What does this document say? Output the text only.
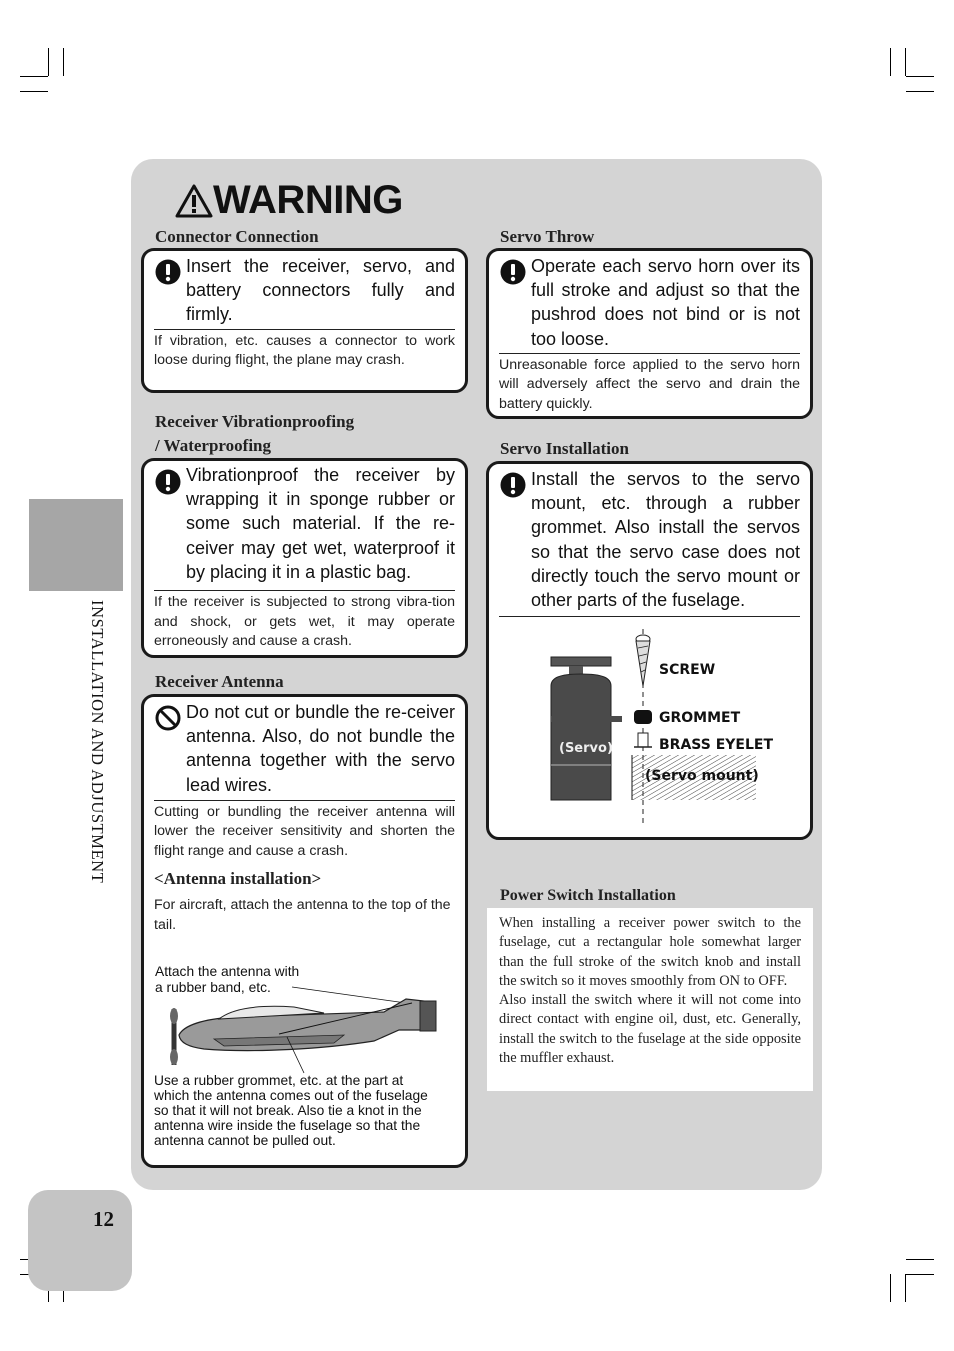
INSTALLATION AND ADJUSTMENT
12
WARNING
Connector Connection
Insert the receiver, servo, and battery connectors fully and firmly.
If vibration, etc. causes a connector to work loose during flight, the plane may crash.
Receiver Vibrationproofing
/ Waterproofing
Vibrationproof the receiver by wrapping it in sponge rubber or some such material. If the re-ceiver may get wet, waterproof it by placing it in a plastic bag.
If the receiver is subjected to strong vibra-tion and shock, or gets wet, it may operate erroneously and cause a crash.
Receiver Antenna
Do not cut or bundle the re-ceiver antenna. Also, do not bundle the antenna together with the servo lead wires.
Cutting or bundling the receiver antenna will lower the receiver sensitivity and shorten the flight range and cause a crash.
<Antenna installation>
For aircraft, attach the antenna to the top of the tail.
Attach the antenna with
a rubber band, etc.
Use a rubber grommet, etc. at the part at
which the antenna comes out of the fuselage
so that it will not break. Also tie a knot in the
antenna wire inside the fuselage so that the
antenna cannot be pulled out.
Servo Throw
Operate each servo horn over its full stroke and adjust so that the pushrod does not bind or is not too loose.
Unreasonable force applied to the servo horn will adversely affect the servo and drain the battery quickly.
Servo Installation
Install the servos to the servo mount, etc. through a rubber grommet. Also install the servos so that the servo case does not directly touch the servo mount or other parts of the fuselage.
(Servo)
(Servo mount)
SCREW
GROMMET
BRASS EYELET
Power Switch Installation
When installing a receiver power switch to the fuselage, cut a rectangular hole somewhat larger than the full stroke of the switch knob and install the switch so it moves smoothly from ON to OFF.
Also install the switch where it will not come into direct contact with engine oil, dust, etc. Generally, install the switch to the fuselage at the side opposite the muffler exhaust.
